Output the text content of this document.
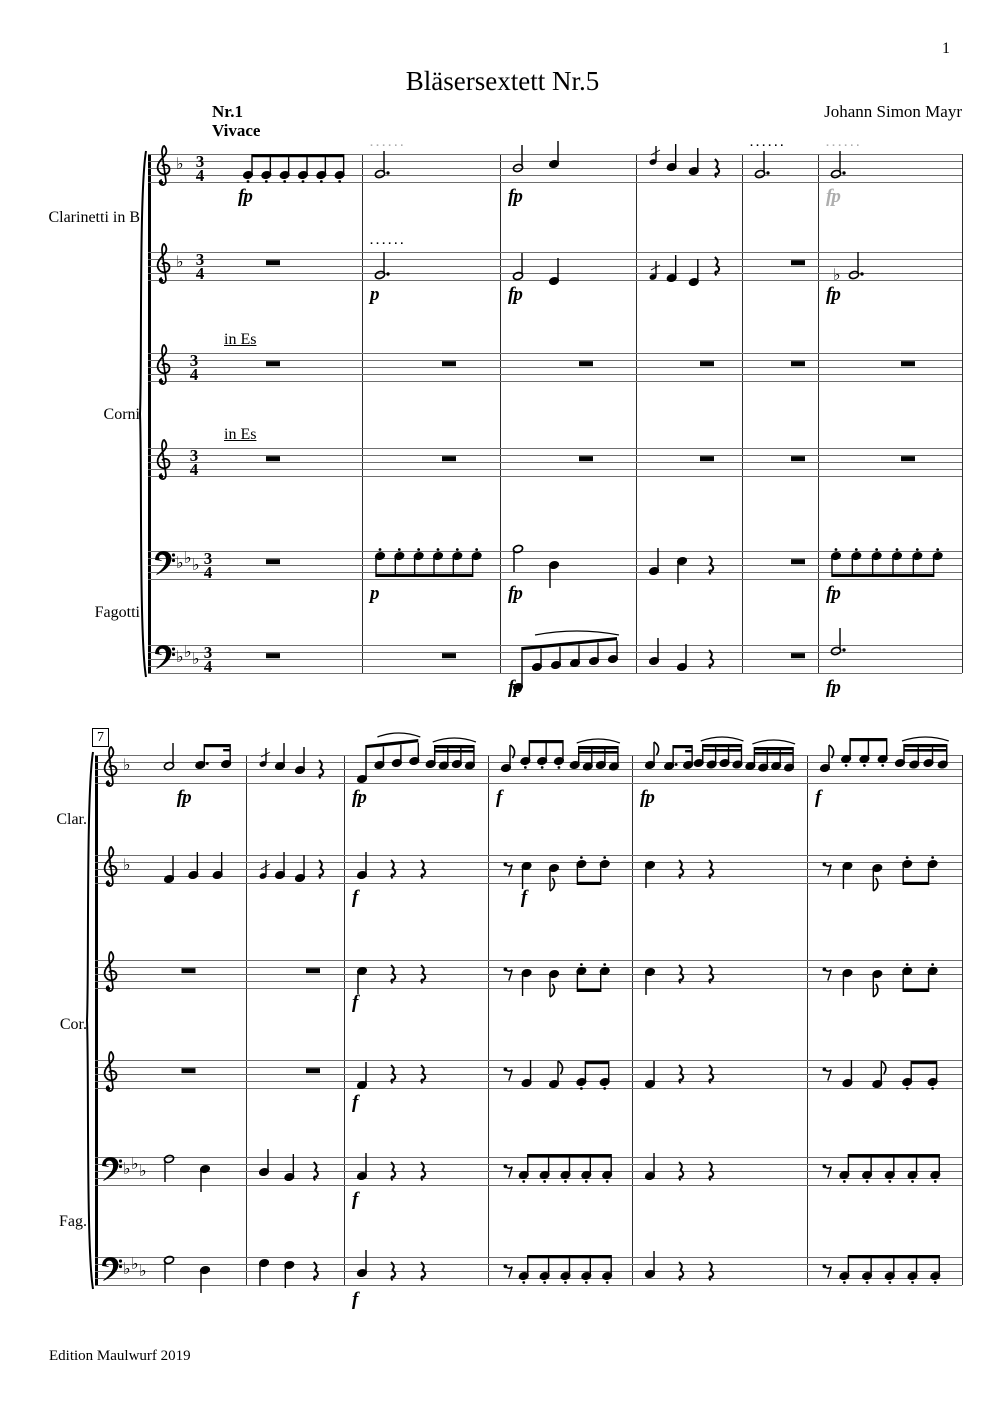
1
Bläsersextett Nr.5
Johann Simon Mayr
Nr.1
Vivace
7
Edition Maulwurf 2019
♭ 3
4
fp
......
fp
......
fp
......
♭ 3
4
p
......
fp
♭
fp
3
4
in Es
3
4
in Es
♭ ♭ ♭ 3
4
p	fp	fp
♭ ♭ ♭ 3
4
fp	fp
Clarinetti in B
Corni
Fagotti
♭
fp	fp	f	fp	f
♭
f	f
f
f
♭ ♭ ♭
f
♭ ♭ ♭
f
Clar.
Cor.
Fag.
